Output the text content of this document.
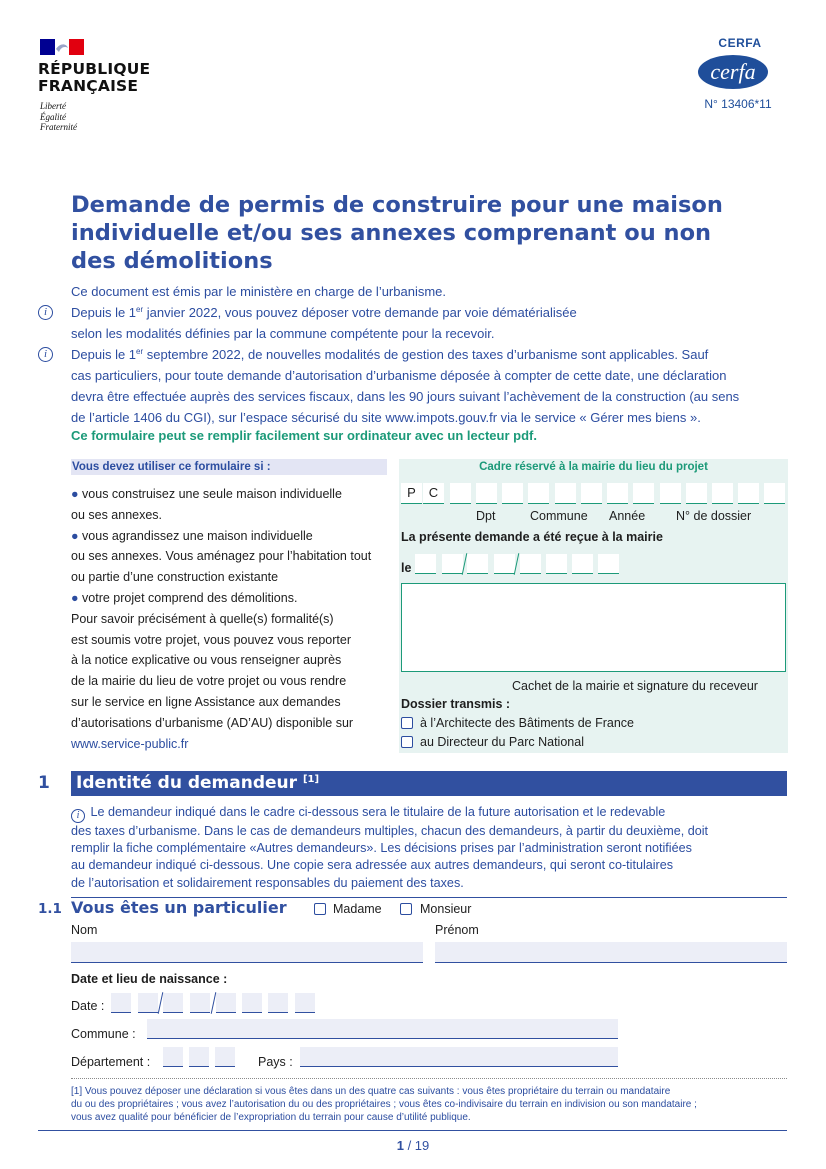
RÉPUBLIQUE
FRANÇAISE
Liberté
Égalité
Fraternité
CERFA
cerfa
N° 13406*11
Demande de permis de construire pour une maison
individuelle et/ou ses annexes comprenant ou non
des démolitions
Ce document est émis par le ministère en charge de l’urbanisme.
i	Depuis le 1er janvier 2022, vous pouvez déposer votre demande par voie dématérialisée
selon les modalités définies par la commune compétente pour la recevoir.
i	Depuis le 1er septembre 2022, de nouvelles modalités de gestion des taxes d’urbanisme sont applicables. Sauf
cas particuliers, pour toute demande d’autorisation d’urbanisme déposée à compter de cette date, une déclaration
devra être effectuée auprès des services fiscaux, dans les 90 jours suivant l’achèvement de la construction (au sens
de l’article 1406 du CGI), sur l’espace sécurisé du site www.impots.gouv.fr via le service « Gérer mes biens ».
Ce formulaire peut se remplir facilement sur ordinateur avec un lecteur pdf.
Vous devez utiliser ce formulaire si :
● vous construisez une seule maison individuelle
ou ses annexes.
● vous agrandissez une maison individuelle
ou ses annexes. Vous aménagez pour l’habitation tout
ou partie d’une construction existante
● votre projet comprend des démolitions.
Pour savoir précisément à quelle(s) formalité(s)
est soumis votre projet, vous pouvez vous reporter
à la notice explicative ou vous renseigner auprès
de la mairie du lieu de votre projet ou vous rendre
sur le service en ligne Assistance aux demandes
d’autorisations d’urbanisme (AD’AU) disponible sur
www.service-public.fr
Cadre réservé à la mairie du lieu du projet
P C
Dpt	Commune Année N° de dossier
La présente demande a été reçue à la mairie
le
Cachet de la mairie et signature du receveur
Dossier transmis :
à l’Architecte des Bâtiments de France
au Directeur du Parc National
1 Identité du demandeur [1]
i Le demandeur indiqué dans le cadre ci-dessous sera le titulaire de la future autorisation et le redevable
des taxes d’urbanisme. Dans le cas de demandeurs multiples, chacun des demandeurs, à partir du deuxième, doit
remplir la fiche complémentaire «Autres demandeurs». Les décisions prises par l’administration seront notifiées
au demandeur indiqué ci-dessous. Une copie sera adressée aux autres demandeurs, qui seront co-titulaires
de l’autorisation et solidairement responsables du paiement des taxes.
1.1 Vous êtes un particulier	Madame	Monsieur
Nom	Prénom
Date et lieu de naissance :
Date :
Commune :
Département :	Pays :
[1] Vous pouvez déposer une déclaration si vous êtes dans un des quatre cas suivants : vous êtes propriétaire du terrain ou mandataire
du ou des propriétaires ; vous avez l’autorisation du ou des propriétaires ; vous êtes co-indivisaire du terrain en indivision ou son mandataire ;
vous avez qualité pour bénéficier de l’expropriation du terrain pour cause d’utilité publique.
1 / 19
